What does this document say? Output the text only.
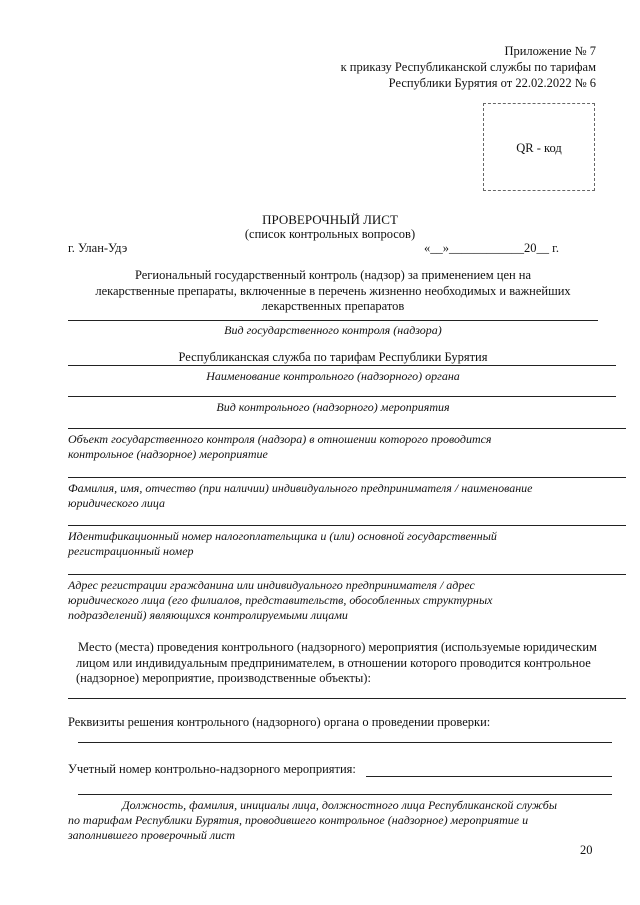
Приложение № 7
к приказу Республиканской службы по тарифам
Республики Бурятия от 22.02.2022 № 6
QR - код
ПРОВЕРОЧНЫЙ ЛИСТ
(список контрольных вопросов)
г. Улан-Удэ	«__»____________20__ г.
Региональный государственный контроль (надзор) за применением цен на
лекарственные препараты, включенные в перечень жизненно необходимых и важнейших
лекарственных препаратов
Вид государственного контроля (надзора)
Республиканская служба по тарифам Республики Бурятия
Наименование контрольного (надзорного) органа
Вид контрольного (надзорного) мероприятия
Объект государственного контроля (надзора) в отношении которого проводится
контрольное (надзорное) мероприятие
Фамилия, имя, отчество (при наличии) индивидуального предпринимателя / наименование
юридического лица
Идентификационный номер налогоплательщика и (или) основной государственный
регистрационный номер
Адрес регистрации гражданина или индивидуального предпринимателя / адрес
юридического лица (его филиалов, представительств, обособленных структурных
подразделений) являющихся контролируемыми лицами
Место (места) проведения контрольного (надзорного) мероприятия (используемые юридическим
лицом или индивидуальным предпринимателем, в отношении которого проводится контрольное
(надзорное) мероприятие, производственные объекты):
Реквизиты решения контрольного (надзорного) органа о проведении проверки:
Учетный номер контрольно-надзорного мероприятия:
Должность, фамилия, инициалы лица, должностного лица Республиканской службы
по тарифам Республики Бурятия, проводившего контрольное (надзорное) мероприятие и
заполнившего проверочный лист
20
